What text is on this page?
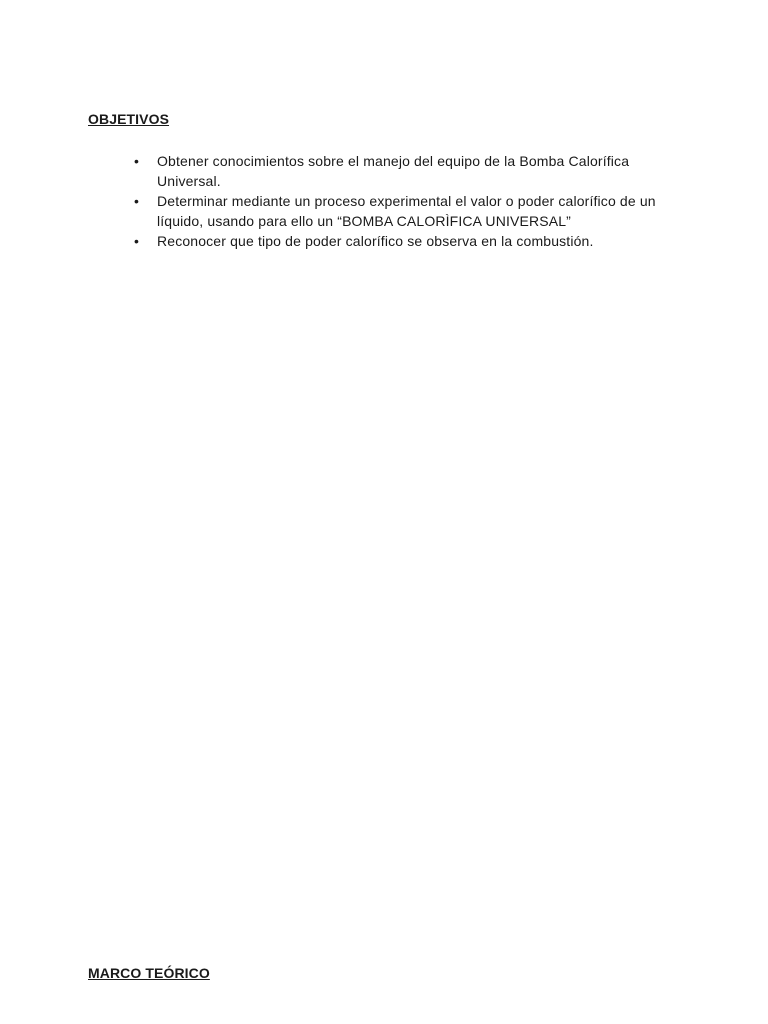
OBJETIVOS
•	Obtener conocimientos sobre el manejo del equipo de la Bomba Calorífica Universal.
•	Determinar mediante un proceso experimental el valor o poder calorífico de un líquido, usando para ello un “BOMBA CALORÌFICA UNIVERSAL”
•	Reconocer que tipo de poder calorífico se observa en la combustión.
MARCO TEÓRICO
